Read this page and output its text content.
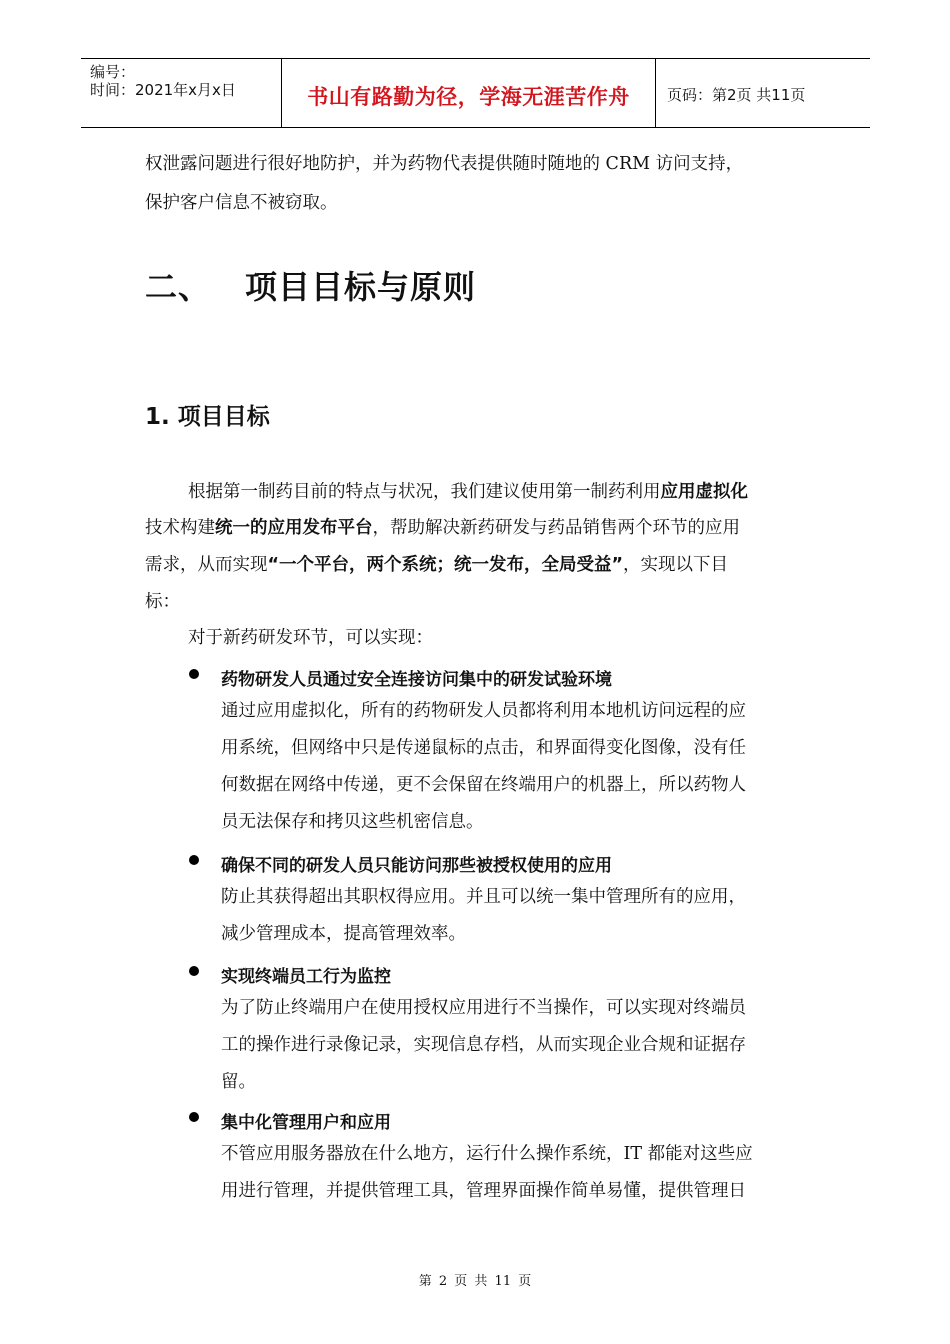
编号：
时间：2021年x月x日	书山有路勤为径，学海无涯苦作舟	页码：第2页 共11页
权泄露问题进行很好地防护，并为药物代表提供随时随地的 CRM 访问支持，
保护客户信息不被窃取。
二、 项目目标与原则
1. 项目目标
根据第一制药目前的特点与状况，我们建议使用第一制药利用应用虚拟化
技术构建统一的应用发布平台，帮助解决新药研发与药品销售两个环节的应用
需求，从而实现“一个平台，两个系统；统一发布，全局受益”，实现以下目
标：
对于新药研发环节，可以实现：
药物研发人员通过安全连接访问集中的研发试验环境
通过应用虚拟化，所有的药物研发人员都将利用本地机访问远程的应
用系统，但网络中只是传递鼠标的点击，和界面得变化图像，没有任
何数据在网络中传递，更不会保留在终端用户的机器上，所以药物人
员无法保存和拷贝这些机密信息。
确保不同的研发人员只能访问那些被授权使用的应用
防止其获得超出其职权得应用。并且可以统一集中管理所有的应用，
减少管理成本，提高管理效率。
实现终端员工行为监控
为了防止终端用户在使用授权应用进行不当操作，可以实现对终端员
工的操作进行录像记录，实现信息存档，从而实现企业合规和证据存
留。
集中化管理用户和应用
不管应用服务器放在什么地方，运行什么操作系统，IT 都能对这些应
用进行管理，并提供管理工具，管理界面操作简单易懂，提供管理日
第 2 页 共 11 页
